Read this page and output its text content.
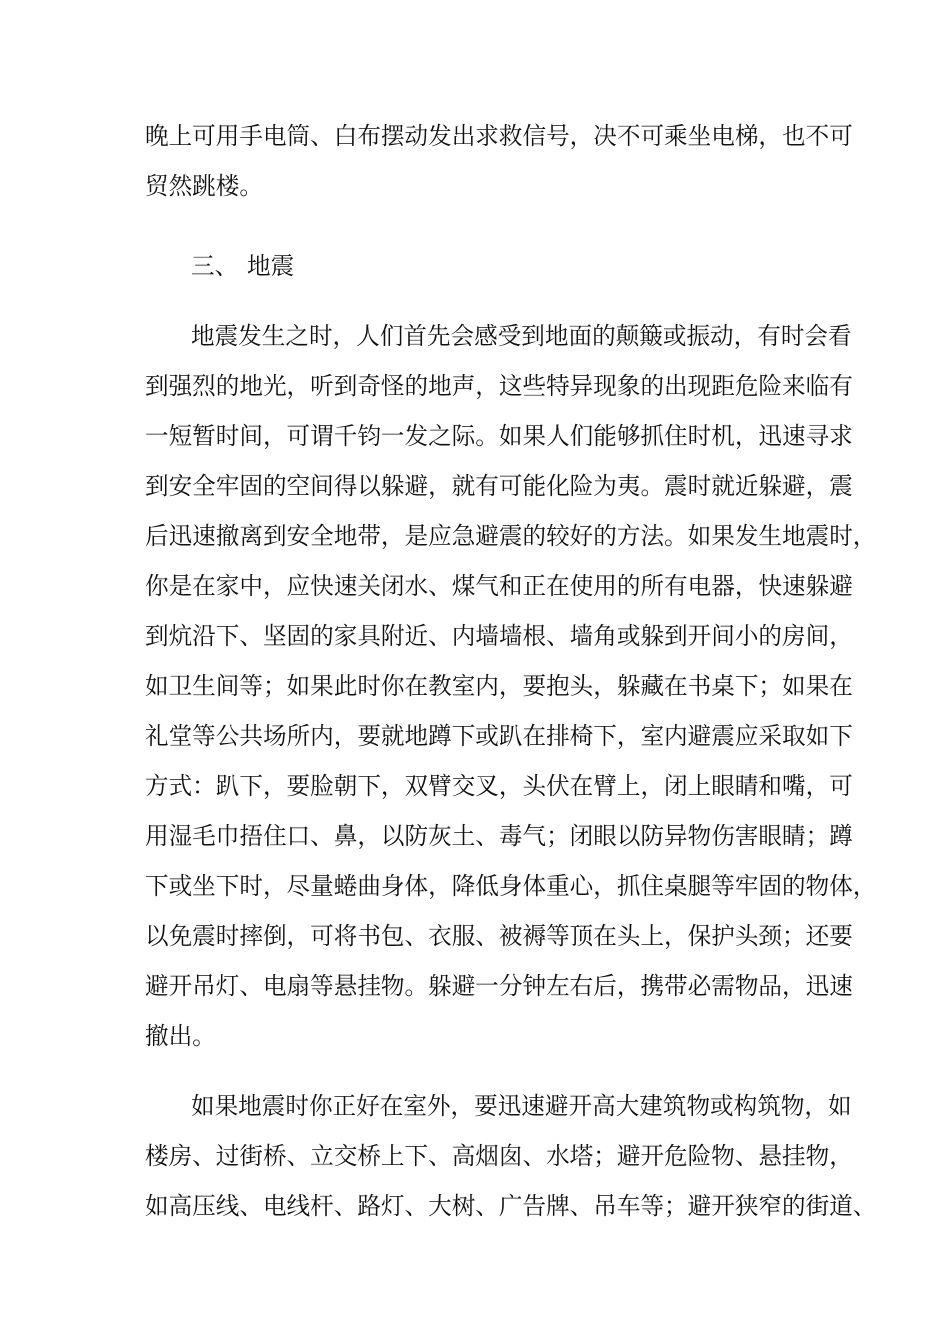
晚上可用手电筒、白布摆动发出求救信号，决不可乘坐电梯，也不可
贸然跳楼。
三、 地震
地震发生之时，人们首先会感受到地面的颠簸或振动，有时会看
到强烈的地光，听到奇怪的地声，这些特异现象的出现距危险来临有
一短暂时间，可谓千钧一发之际。如果人们能够抓住时机，迅速寻求
到安全牢固的空间得以躲避，就有可能化险为夷。震时就近躲避，震
后迅速撤离到安全地带，是应急避震的较好的方法。如果发生地震时，
你是在家中，应快速关闭水、煤气和正在使用的所有电器，快速躲避
到炕沿下、坚固的家具附近、内墙墙根、墙角或躲到开间小的房间，
如卫生间等；如果此时你在教室内，要抱头，躲藏在书桌下；如果在
礼堂等公共场所内，要就地蹲下或趴在排椅下，室内避震应采取如下
方式：趴下，要脸朝下，双臂交叉，头伏在臂上，闭上眼睛和嘴，可
用湿毛巾捂住口、鼻，以防灰土、毒气；闭眼以防异物伤害眼睛；蹲
下或坐下时，尽量蜷曲身体，降低身体重心，抓住桌腿等牢固的物体，
以免震时摔倒，可将书包、衣服、被褥等顶在头上，保护头颈；还要
避开吊灯、电扇等悬挂物。躲避一分钟左右后，携带必需物品，迅速
撤出。
如果地震时你正好在室外，要迅速避开高大建筑物或构筑物，如
楼房、过街桥、立交桥上下、高烟囱、水塔；避开危险物、悬挂物，
如高压线、电线杆、路灯、大树、广告牌、吊车等；避开狭窄的街道、
